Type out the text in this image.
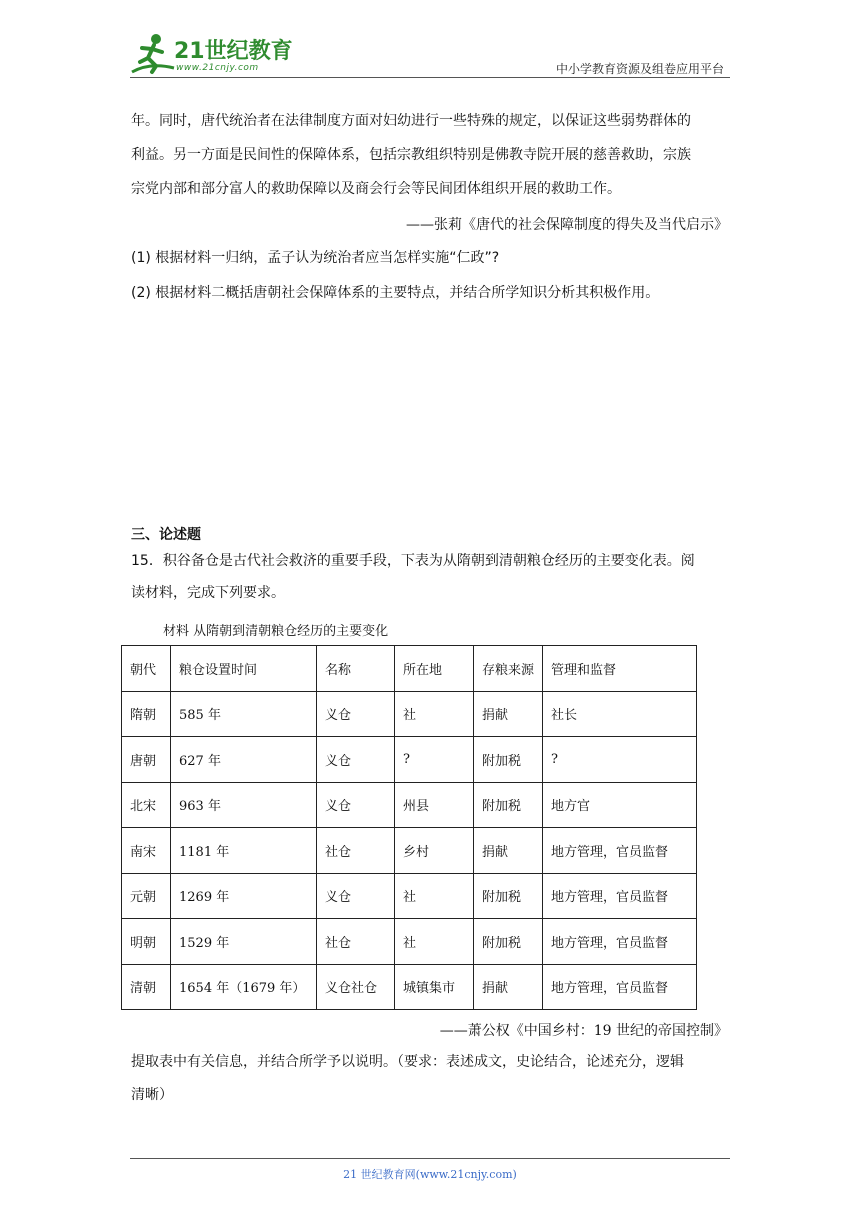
21世纪教育
www.21cnjy.com	中小学教育资源及组卷应用平台
年。同时，唐代统治者在法律制度方面对妇幼进行一些特殊的规定，以保证这些弱势群体的
利益。另一方面是民间性的保障体系，包括宗教组织特别是佛教寺院开展的慈善救助，宗族
宗党内部和部分富人的救助保障以及商会行会等民间团体组织开展的救助工作。
——张莉《唐代的社会保障制度的得失及当代启示》
(1) 根据材料一归纳，孟子认为统治者应当怎样实施“仁政”?
(2) 根据材料二概括唐朝社会保障体系的主要特点，并结合所学知识分析其积极作用。
三、论述题
15．积谷备仓是古代社会救济的重要手段，下表为从隋朝到清朝粮仓经历的主要变化表。阅
读材料，完成下列要求。
材料 从隋朝到清朝粮仓经历的主要变化
朝代	粮仓设置时间	名称	所在地	存粮来源	管理和监督
隋朝	585 年	义仓	社	捐献	社长
唐朝	627 年	义仓	?	附加税	?
北宋	963 年	义仓	州县	附加税	地方官
南宋	1181 年	社仓	乡村	捐献	地方管理，官员监督
元朝	1269 年	义仓	社	附加税	地方管理，官员监督
明朝	1529 年	社仓	社	附加税	地方管理，官员监督
清朝	1654 年（1679 年）	义仓社仓	城镇集市	捐献	地方管理，官员监督
——萧公权《中国乡村：19 世纪的帝国控制》
提取表中有关信息，并结合所学予以说明。（要求：表述成文，史论结合，论述充分，逻辑
清晰）
21 世纪教育网(www.21cnjy.com)
